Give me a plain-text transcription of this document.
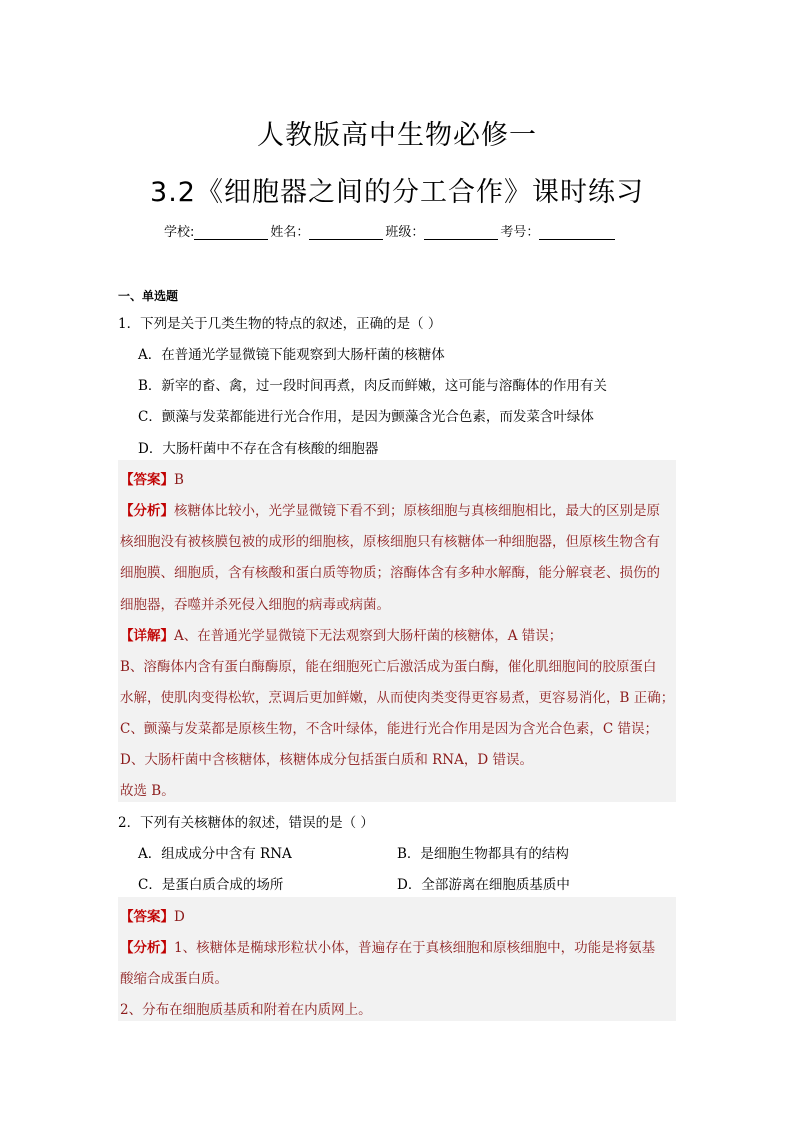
人教版高中生物必修一
3.2《细胞器之间的分工合作》课时练习
学校:	姓名：	班级：	考号：
一、单选题
1．下列是关于几类生物的特点的叙述，正确的是（ ）
A．在普通光学显微镜下能观察到大肠杆菌的核糖体
B．新宰的畜、禽，过一段时间再煮，肉反而鲜嫩，这可能与溶酶体的作用有关
C．颤藻与发菜都能进行光合作用，是因为颤藻含光合色素，而发菜含叶绿体
D．大肠杆菌中不存在含有核酸的细胞器
【答案】B
【分析】核糖体比较小，光学显微镜下看不到；原核细胞与真核细胞相比，最大的区别是原
核细胞没有被核膜包被的成形的细胞核，原核细胞只有核糖体一种细胞器，但原核生物含有
细胞膜、细胞质，含有核酸和蛋白质等物质；溶酶体含有多种水解酶，能分解衰老、损伤的
细胞器，吞噬并杀死侵入细胞的病毒或病菌。
【详解】A、在普通光学显微镜下无法观察到大肠杆菌的核糖体，A 错误；
B、溶酶体内含有蛋白酶酶原，能在细胞死亡后激活成为蛋白酶，催化肌细胞间的胶原蛋白
水解，使肌肉变得松软，烹调后更加鲜嫩，从而使肉类变得更容易煮，更容易消化，B 正确；
C、颤藻与发菜都是原核生物，不含叶绿体，能进行光合作用是因为含光合色素，C 错误；
D、大肠杆菌中含核糖体，核糖体成分包括蛋白质和 RNA，D 错误。
故选 B。
2．下列有关核糖体的叙述，错误的是（ ）
A．组成成分中含有 RNA	B．是细胞生物都具有的结构
C．是蛋白质合成的场所	D．全部游离在细胞质基质中
【答案】D
【分析】1、核糖体是椭球形粒状小体，普遍存在于真核细胞和原核细胞中，功能是将氨基
酸缩合成蛋白质。
2、分布在细胞质基质和附着在内质网上。
